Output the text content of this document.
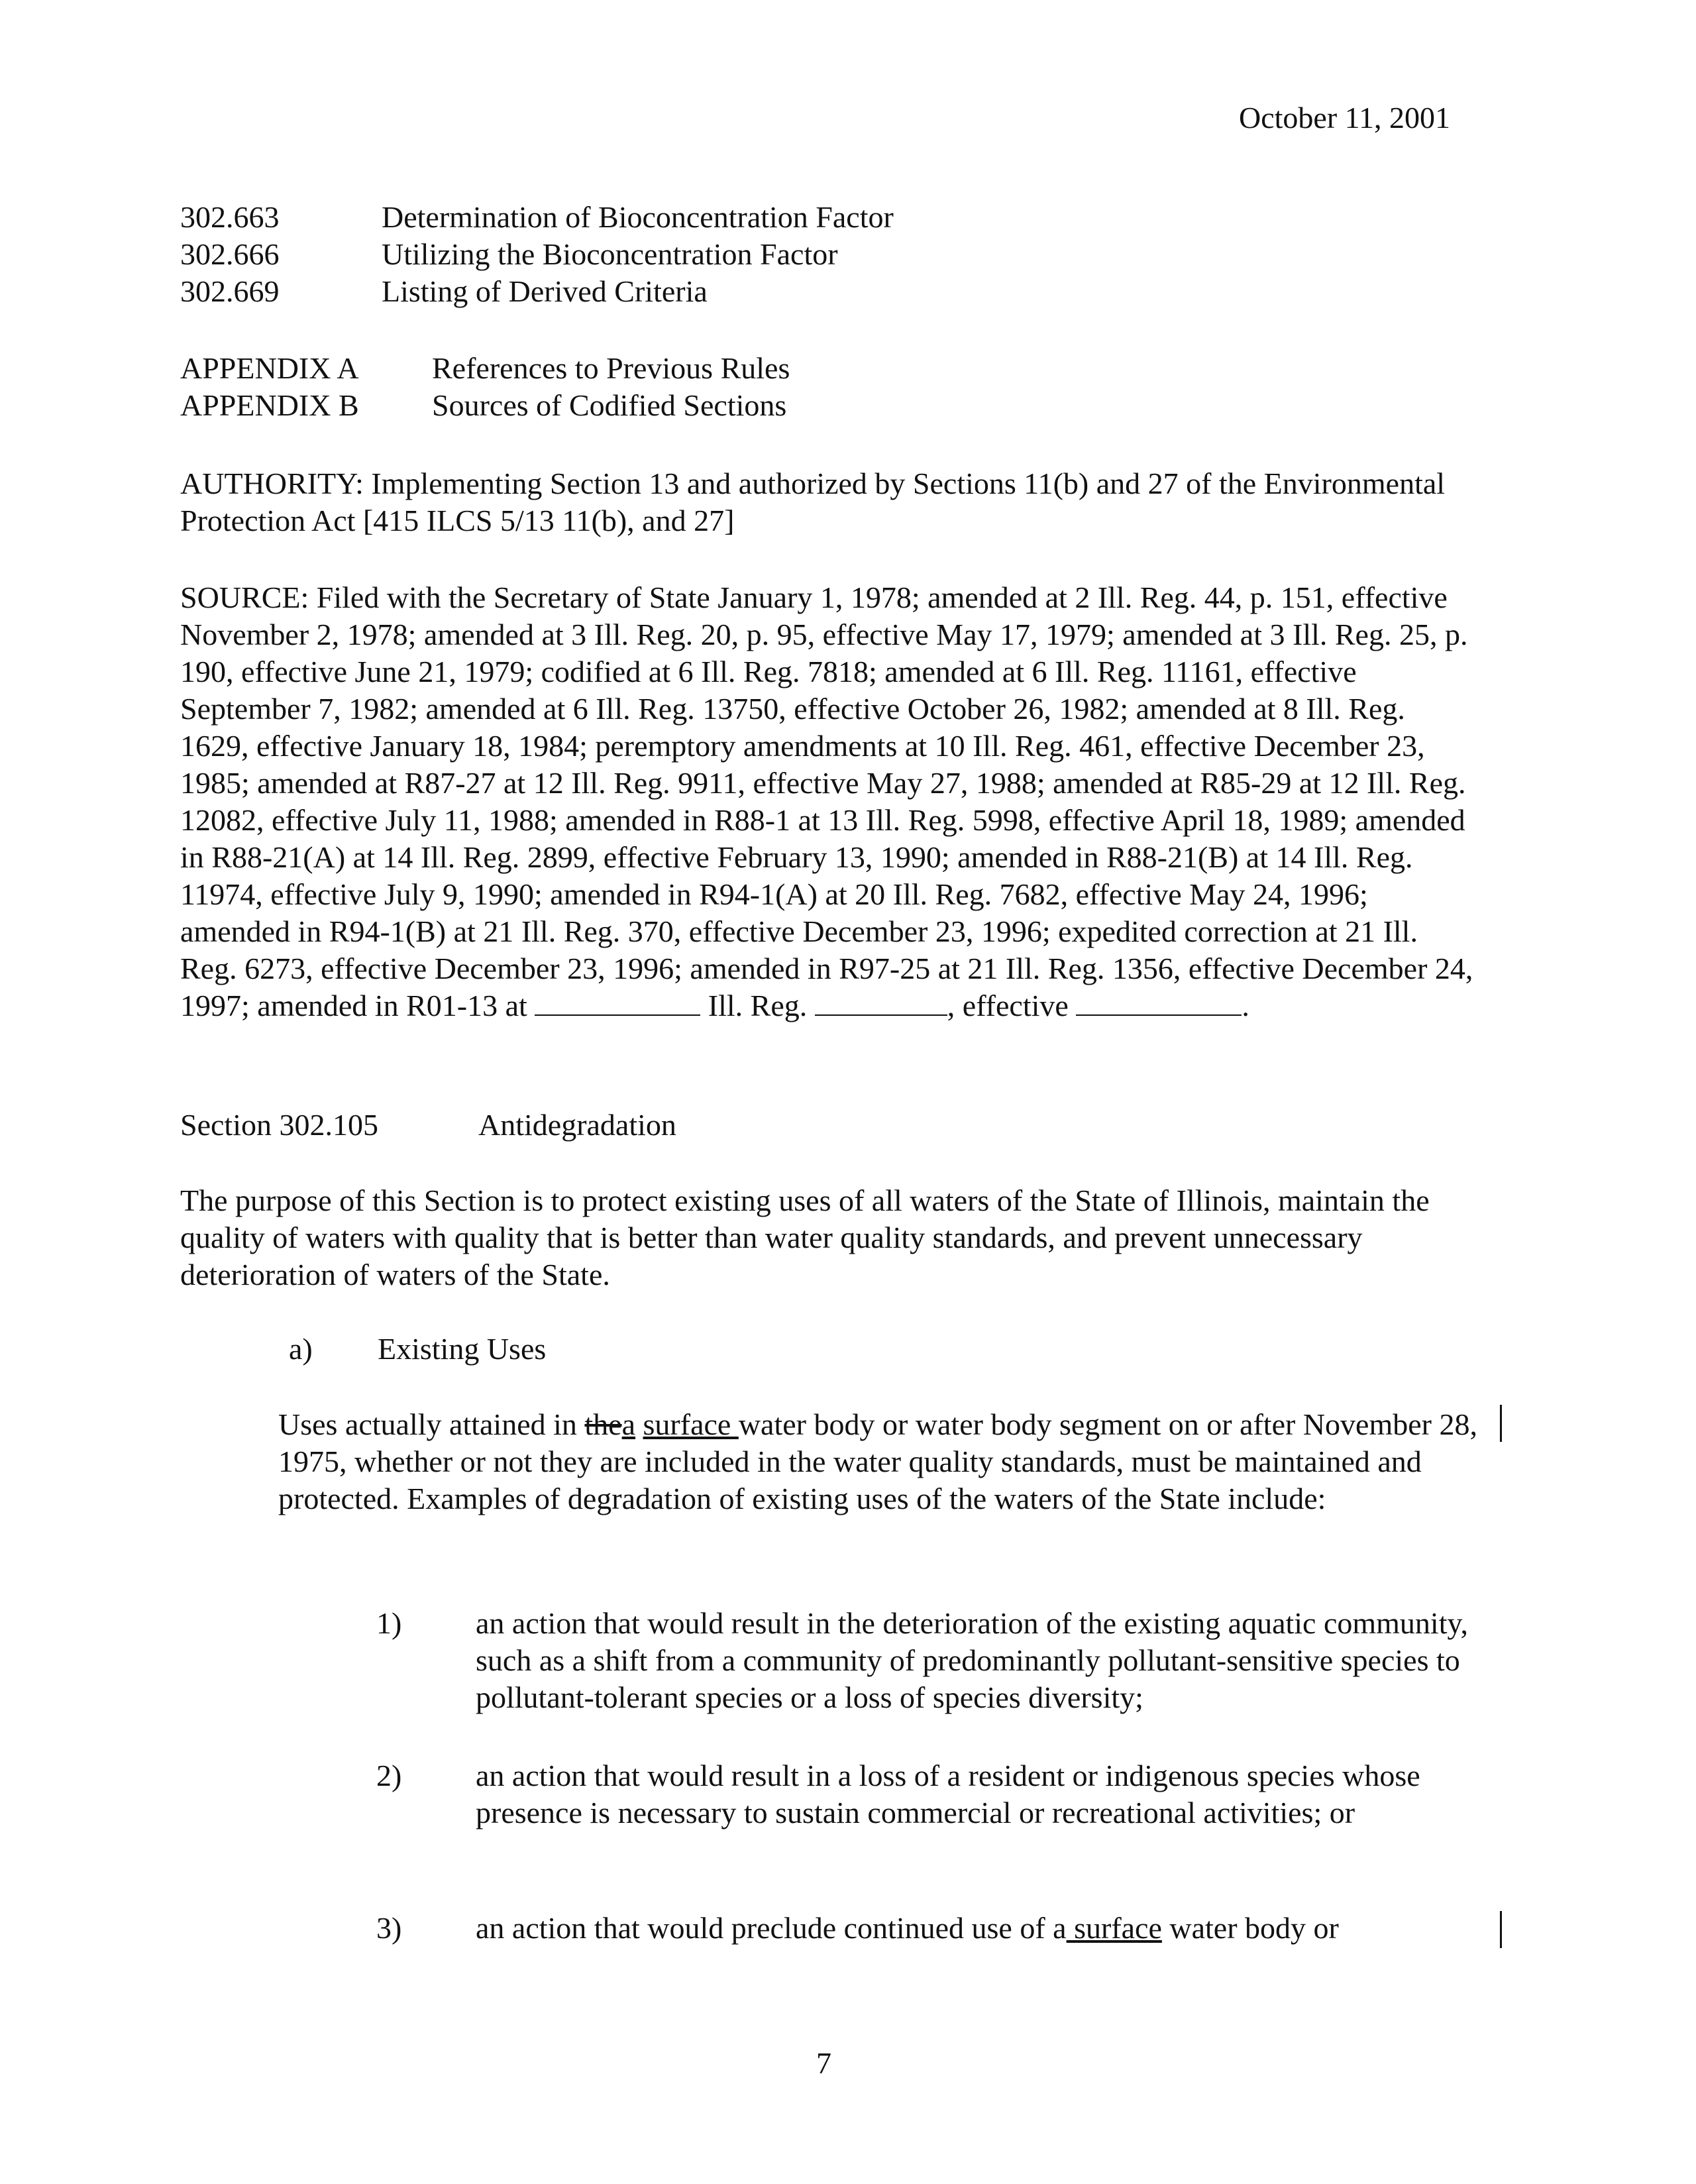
October 11, 2001
302.663	Determination of Bioconcentration Factor
302.666	Utilizing the Bioconcentration Factor
302.669	Listing of Derived Criteria
APPENDIX A References to Previous Rules
APPENDIX B Sources of Codified Sections

AUTHORITY: Implementing Section 13 and authorized by Sections 11(b) and 27 of the Environmental Protection Act [415 ILCS 5/13 11(b), and 27]

SOURCE: Filed with the Secretary of State January 1, 1978; amended at 2 Ill. Reg. 44, p. 151, effective November 2, 1978; amended at 3 Ill. Reg. 20, p. 95, effective May 17, 1979; amended at 3 Ill. Reg. 25, p. 190, effective June 21, 1979; codified at 6 Ill. Reg. 7818; amended at 6 Ill. Reg. 11161, effective September 7, 1982; amended at 6 Ill. Reg. 13750, effective October 26, 1982; amended at 8 Ill. Reg. 1629, effective January 18, 1984; peremptory amendments at 10 Ill. Reg. 461, effective December 23, 1985; amended at R87-27 at 12 Ill. Reg. 9911, effective May 27, 1988; amended at R85-29 at 12 Ill. Reg. 12082, effective July 11, 1988; amended in R88-1 at 13 Ill. Reg. 5998, effective April 18, 1989; amended in R88-21(A) at 14 Ill. Reg. 2899, effective February 13, 1990; amended in R88-21(B) at 14 Ill. Reg. 11974, effective July 9, 1990; amended in R94-1(A) at 20 Ill. Reg. 7682, effective May 24, 1996; amended in R94-1(B) at 21 Ill. Reg. 370, effective December 23, 1996; expedited correction at 21 Ill. Reg. 6273, effective December 23, 1996; amended in R97-25 at 21 Ill. Reg. 1356, effective December 24, 1997; amended in R01-13 at	Ill. Reg.	, effective	.

Section 302.105	Antidegradation

The purpose of this Section is to protect existing uses of all waters of the State of Illinois, maintain the quality of waters with quality that is better than water quality standards, and prevent unnecessary deterioration of waters of the State.

a) Existing Uses

Uses actually attained in thea surface water body or water body segment on or after November 28, 1975, whether or not they are included in the water quality standards, must be maintained and protected. Examples of degradation of existing uses of the waters of the State include:

1) an action that would result in the deterioration of the existing aquatic community, such as a shift from a community of predominantly pollutant-sensitive species to pollutant-tolerant species or a loss of species diversity;
2) an action that would result in a loss of a resident or indigenous species whose presence is necessary to sustain commercial or recreational activities; or
3) an action that would preclude continued use of a surface water body or
7
